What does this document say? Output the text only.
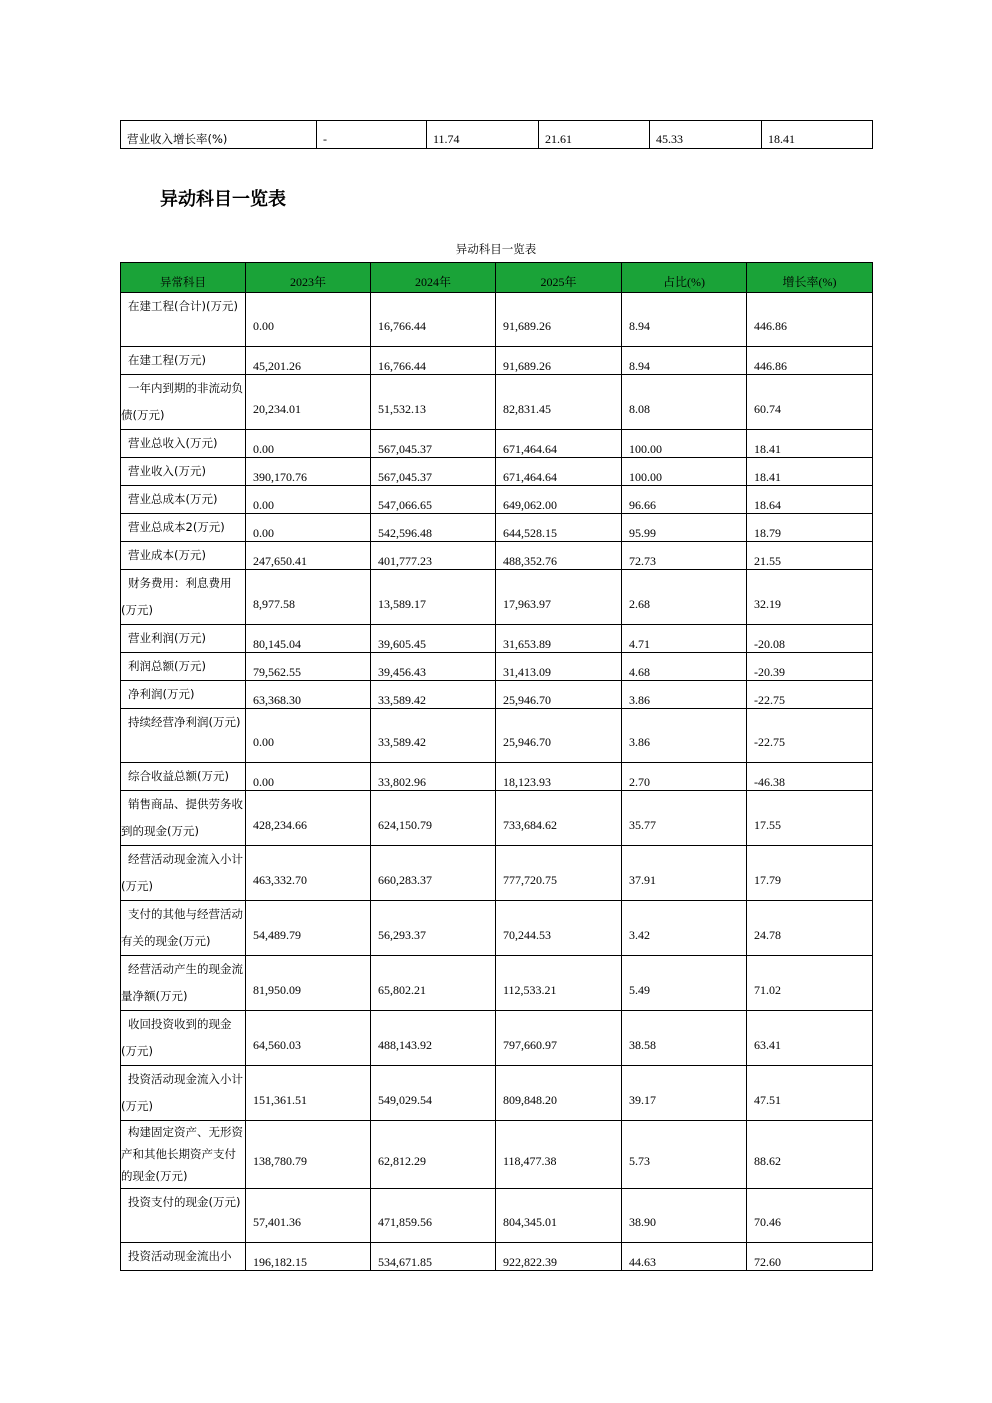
营业收入增长率(%)	-	11.74	21.61	45.33	18.41
异动科目一览表
异动科目一览表
异常科目	2023年	2024年	2025年	占比(%)	增长率(%)

在建工程(合计)(万元)	0.00	16,766.44	91,689.26	8.94	446.86

在建工程(万元)	45,201.26	16,766.44	91,689.26	8.94	446.86

一年内到期的非流动负债(万元)	20,234.01	51,532.13	82,831.45	8.08	60.74

营业总收入(万元)	0.00	567,045.37	671,464.64	100.00	18.41

营业收入(万元)	390,170.76	567,045.37	671,464.64	100.00	18.41

营业总成本(万元)	0.00	547,066.65	649,062.00	96.66	18.64

营业总成本2(万元)	0.00	542,596.48	644,528.15	95.99	18.79

营业成本(万元)	247,650.41	401,777.23	488,352.76	72.73	21.55

财务费用：利息费用(万元)	8,977.58	13,589.17	17,963.97	2.68	32.19

营业利润(万元)	80,145.04	39,605.45	31,653.89	4.71	-20.08

利润总额(万元)	79,562.55	39,456.43	31,413.09	4.68	-20.39

净利润(万元)	63,368.30	33,589.42	25,946.70	3.86	-22.75

持续经营净利润(万元)	0.00	33,589.42	25,946.70	3.86	-22.75

综合收益总额(万元)	0.00	33,802.96	18,123.93	2.70	-46.38

销售商品、提供劳务收到的现金(万元)	428,234.66	624,150.79	733,684.62	35.77	17.55

经营活动现金流入小计(万元)	463,332.70	660,283.37	777,720.75	37.91	17.79

支付的其他与经营活动有关的现金(万元)	54,489.79	56,293.37	70,244.53	3.42	24.78

经营活动产生的现金流量净额(万元)	81,950.09	65,802.21	112,533.21	5.49	71.02

收回投资收到的现金(万元)	64,560.03	488,143.92	797,660.97	38.58	63.41

投资活动现金流入小计(万元)	151,361.51	549,029.54	809,848.20	39.17	47.51

构建固定资产、无形资产和其他长期资产支付的现金(万元)	138,780.79	62,812.29	118,477.38	5.73	88.62

投资支付的现金(万元)	57,401.36	471,859.56	804,345.01	38.90	70.46

投资活动现金流出小	196,182.15	534,671.85	922,822.39	44.63	72.60
